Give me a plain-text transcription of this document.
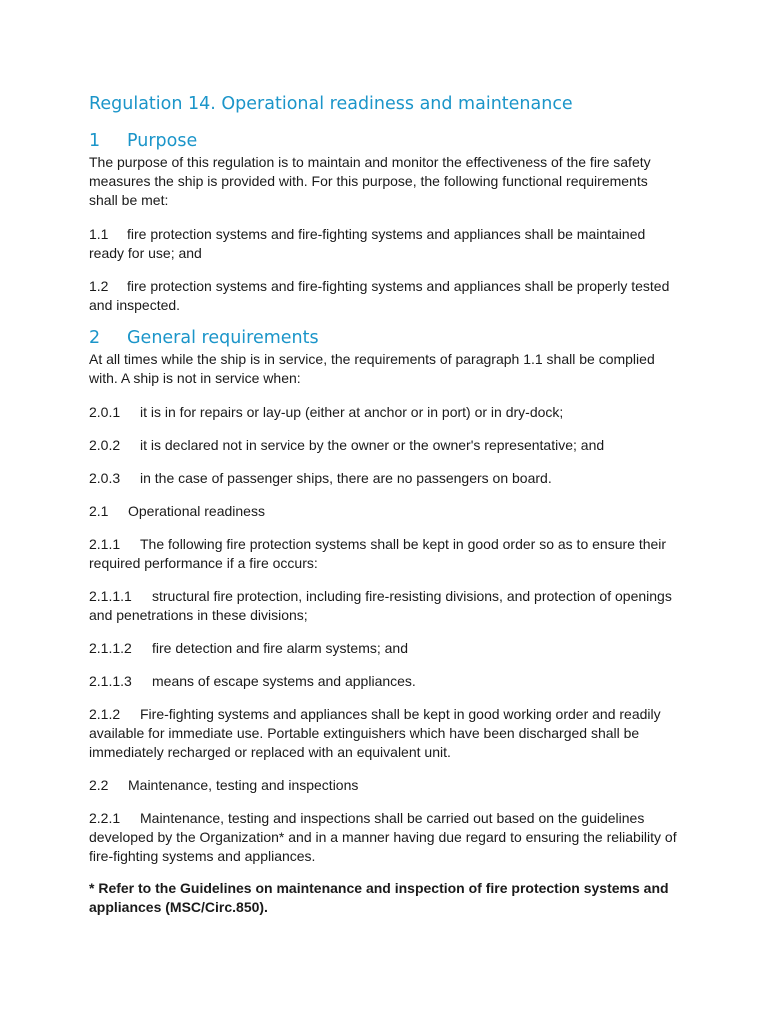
Regulation 14. Operational readiness and maintenance
1 Purpose

The purpose of this regulation is to maintain and monitor the effectiveness of the fire safety measures the ship is provided with. For this purpose, the following functional requirements shall be met:

1.1 fire protection systems and fire-fighting systems and appliances shall be maintained ready for use; and

1.2 fire protection systems and fire-fighting systems and appliances shall be properly tested and inspected.

2 General requirements

At all times while the ship is in service, the requirements of paragraph 1.1 shall be complied with. A ship is not in service when:

2.0.1 it is in for repairs or lay-up (either at anchor or in port) or in dry-dock;

2.0.2 it is declared not in service by the owner or the owner's representative; and

2.0.3 in the case of passenger ships, there are no passengers on board.

2.1 Operational readiness

2.1.1 The following fire protection systems shall be kept in good order so as to ensure their required performance if a fire occurs:

2.1.1.1 structural fire protection, including fire-resisting divisions, and protection of openings and penetrations in these divisions;

2.1.1.2 fire detection and fire alarm systems; and

2.1.1.3 means of escape systems and appliances.

2.1.2 Fire-fighting systems and appliances shall be kept in good working order and readily available for immediate use. Portable extinguishers which have been discharged shall be immediately recharged or replaced with an equivalent unit.

2.2 Maintenance, testing and inspections

2.2.1 Maintenance, testing and inspections shall be carried out based on the guidelines developed by the Organization* and in a manner having due regard to ensuring the reliability of fire-fighting systems and appliances.

* Refer to the Guidelines on maintenance and inspection of fire protection systems and appliances (MSC/Circ.850).
